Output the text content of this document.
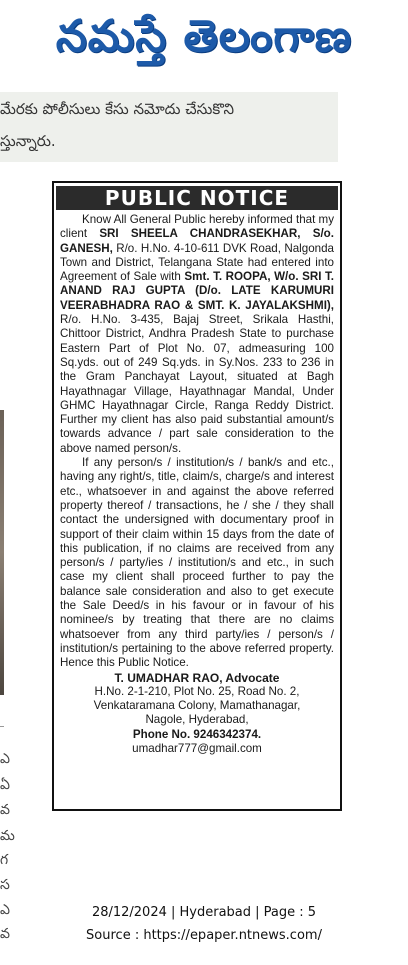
నమస్తే తెలంగాణ
మేరకు పోలీసులు కేసు నమోదు చేసుకొని
స్తున్నారు.
ఎ
ఏ
వ
మ
గ
స
ఎ
వ
PUBLIC NOTICE

Know All General Public hereby informed that my client SRI SHEELA CHANDRASEKHAR, S/o. GANESH, R/o. H.No. 4-10-611 DVK Road, Nalgonda Town and District, Telangana State had entered into Agreement of Sale with Smt. T. ROOPA, W/o. SRI T. ANAND RAJ GUPTA (D/o. LATE KARUMURI VEERABHADRA RAO & SMT. K. JAYALAKSHMI), R/o. H.No. 3-435, Bajaj Street, Srikala Hasthi, Chittoor District, Andhra Pradesh State to purchase Eastern Part of Plot No. 07, admeasuring 100 Sq.yds. out of 249 Sq.yds. in Sy.Nos. 233 to 236 in the Gram Panchayat Layout, situated at Bagh Hayathnagar Village, Hayathnagar Mandal, Under GHMC Hayathnagar Circle, Ranga Reddy District. Further my client has also paid substantial amount/s towards advance / part sale consideration to the above named person/s.

If any person/s / institution/s / bank/s and etc., having any right/s, title, claim/s, charge/s and interest etc., whatsoever in and against the above referred property thereof / transactions, he / she / they shall contact the undersigned with documentary proof in support of their claim within 15 days from the date of this publication, if no claims are received from any person/s / party/ies / institution/s and etc., in such case my client shall proceed further to pay the balance sale consideration and also to get execute the Sale Deed/s in his favour or in favour of his nominee/s by treating that there are no claims whatsoever from any third party/ies / person/s / institution/s pertaining to the above referred property. Hence this Public Notice.

T. UMADHAR RAO, Advocate
H.No. 2-1-210, Plot No. 25, Road No. 2,
Venkataramana Colony, Mamathanagar,
Nagole, Hyderabad,
Phone No. 9246342374.
umadhar777@gmail.com
28/12/2024 | Hyderabad | Page : 5
Source : https://epaper.ntnews.com/
